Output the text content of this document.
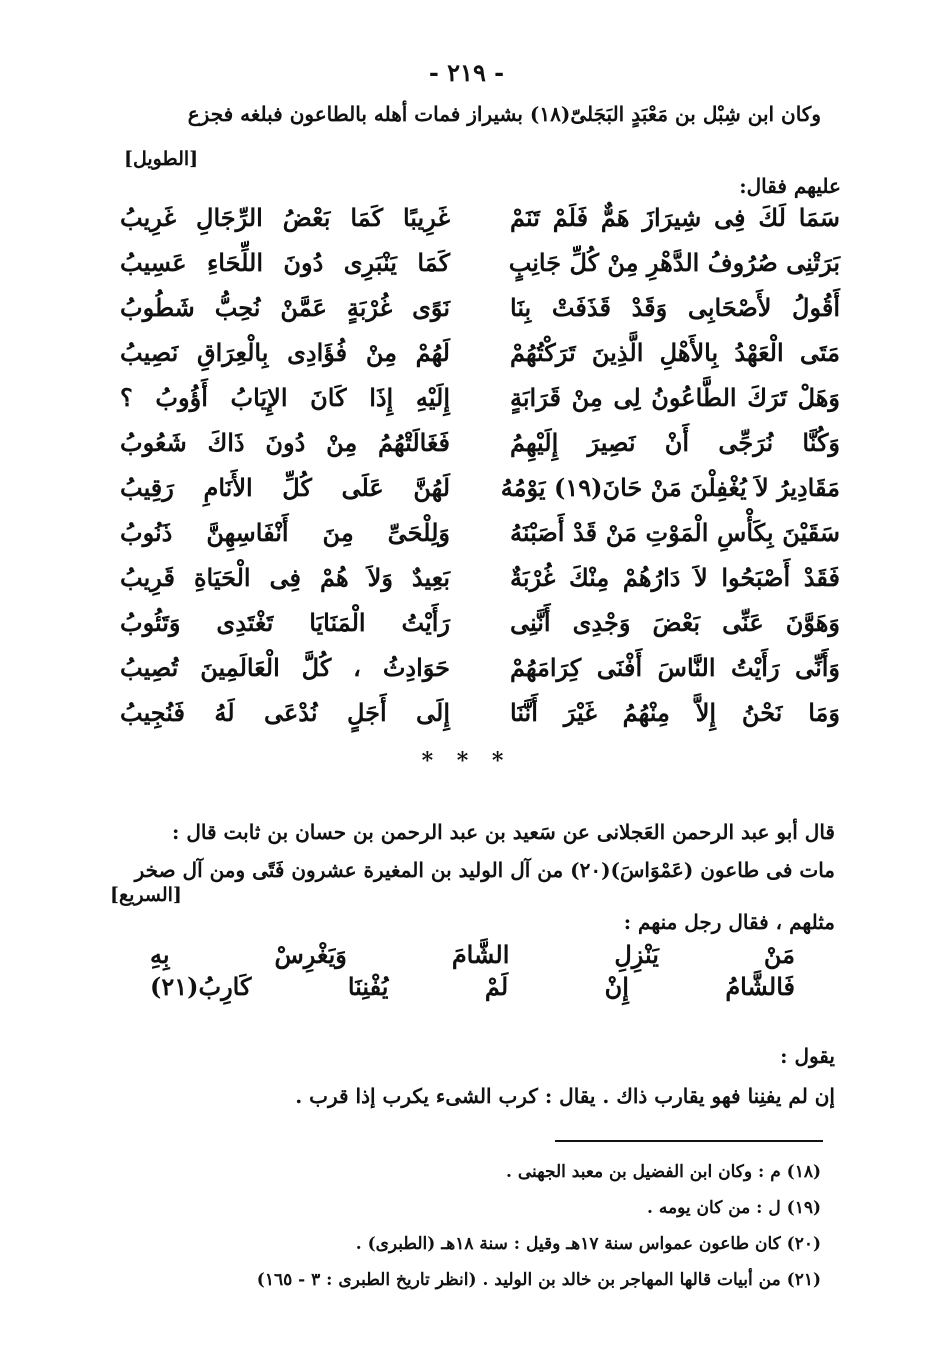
- ٢١٩ -
وكان ابن شِبْل بن مَعْبَدٍ البَجَلىّ(١٨) بشيراز فمات أهله بالطاعون فبلغه فجزع
[الطويل]
عليهم فقال:
سَمَا لَكَ فِى شِيرَازَ هَمٌّ فَلَمْ تَنَمْ
غَرِيبًا كَمَا بَعْضُ الرِّجَالِ غَرِيبُ
بَرَتْنِى صُرُوفُ الدَّهْرِ مِنْ كُلِّ جَانِبٍ
كَمَا يَنْبَرِى دُونَ اللِّحَاءِ عَسِيبُ
أَقُولُ لأَصْحَابِى وَقَدْ قَذَفَتْ بِنَا
نَوًى غُرْبَةٍ عَمَّنْ نُحِبُّ شَطُوبُ
مَتَى الْعَهْدُ بِالأَهْلِ الَّذِينَ تَرَكْتُهُمْ
لَهُمْ مِنْ فُؤَادِى بِالْعِرَاقِ نَصِيبُ
وَهَلْ تَرَكَ الطَّاعُونُ لِى مِنْ قَرَابَةٍ
إِلَيْهِ إِذَا كَانَ الإِيَابُ أَؤُوبُ ؟
وَكُنَّا نُرَجِّى أَنْ نَصِيرَ إِلَيْهِمُ
فَغَالَتْهُمُ مِنْ دُونَ ذَاكَ شَعُوبُ
مَقَادِيرُ لاَ يُغْفِلْنَ مَنْ حَانَ(١٩) يَوْمُهُ
لَهُنَّ عَلَى كُلِّ الأَنَامِ رَقِيبُ
سَقَيْنَ بِكَأْسِ الْمَوْتِ مَنْ قَدْ أَصَبْنَهُ
وَلِلْحَىِّ مِنَ أَنْفَاسِهِنَّ ذَنُوبُ
فَقَدْ أَصْبَحُوا لاَ دَارُهُمْ مِنْكَ غُرْبَةٌ
بَعِيدٌ وَلاَ هُمْ فِى الْحَيَاةِ قَرِيبُ
وَهَوَّنَ عَنِّى بَعْضَ وَجْدِى أَنَّنِى
رَأَيْتُ الْمَنَايَا تَغْتَدِى وَتَئُوبُ
وَأَنِّى رَأَيْتُ النَّاسَ أَفْنَى كِرَامَهُمْ
حَوَادِثُ ، كُلَّ الْعَالَمِينَ تُصِيبُ
وَمَا نَحْنُ إِلاَّ مِنْهُمُ غَيْرَ أَنَّنَا
إِلَى أَجَلٍ نُدْعَى لَهُ فَنُجِيبُ
* * *
قال أبو عبد الرحمن العَجلانى عن سَعيد بن عبد الرحمن بن حسان بن ثابت قال :
مات فى طاعون (عَمْوَاسَ)(٢٠) من آل الوليد بن المغيرة عشرون فَتًى ومن آل صخر
[السريع]
مثلهم ، فقال رجل منهم :
مَنْ يَنْزِلِ الشَّامَ وَيَغْرِسْ بِهِ
فَالشَّامُ إِنْ لَمْ يُفْنِنَا كَارِبُ(٢١)
يقول :
إن لم يفنِنا فهو يقارب ذاك . يقال : كرب الشىء يكرب إذا قرب .
(١٨) م : وكان ابن الفضيل بن معبد الجهنى .
(١٩) ل : من كان يومه .
(٢٠) كان طاعون عمواس سنة ١٧هـ وقيل : سنة ١٨هـ (الطبرى) .
(٢١) من أبيات قالها المهاجر بن خالد بن الوليد . (انظر تاريخ الطبرى : ٣ - ١٦٥)
